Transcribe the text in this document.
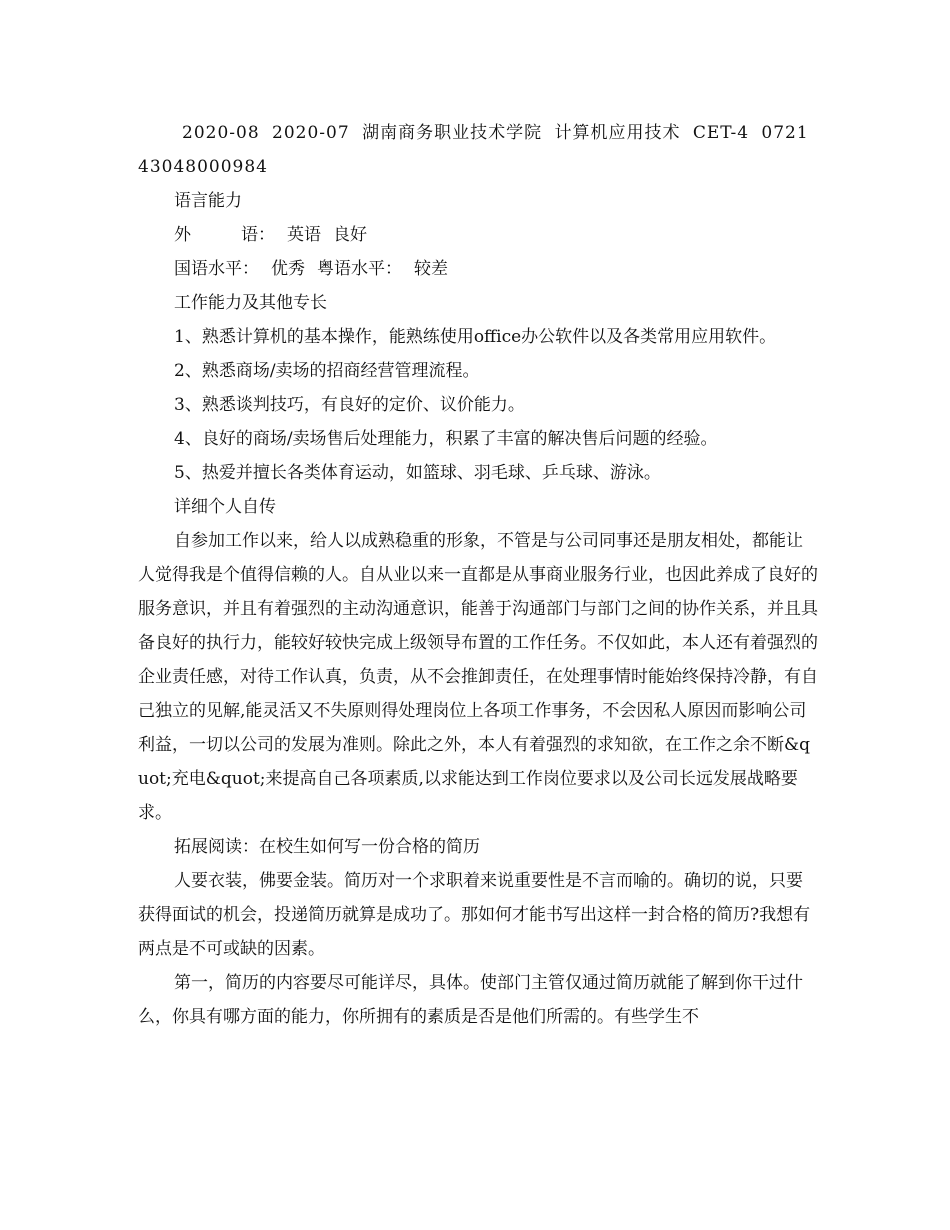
2020-08 2020-07 湖南商务职业技术学院 计算机应用技术 CET-4 072143048000984

语言能力

外	语： 英语 良好

国语水平： 优秀 粤语水平： 较差

工作能力及其他专长

1、熟悉计算机的基本操作，能熟练使用office办公软件以及各类常用应用软件。

2、熟悉商场/卖场的招商经营管理流程。

3、熟悉谈判技巧，有良好的定价、议价能力。

4、良好的商场/卖场售后处理能力，积累了丰富的解决售后问题的经验。

5、热爱并擅长各类体育运动，如篮球、羽毛球、乒乓球、游泳。

详细个人自传

自参加工作以来，给人以成熟稳重的形象，不管是与公司同事还是朋友相处，都能让人觉得我是个值得信赖的人。自从业以来一直都是从事商业服务行业，也因此养成了良好的服务意识，并且有着强烈的主动沟通意识，能善于沟通部门与部门之间的协作关系，并且具备良好的执行力，能较好较快完成上级领导布置的工作任务。不仅如此，本人还有着强烈的企业责任感，对待工作认真，负责，从不会推卸责任，在处理事情时能始终保持冷静，有自己独立的见解,能灵活又不失原则得处理岗位上各项工作事务，不会因私人原因而影响公司利益，一切以公司的发展为准则。除此之外，本人有着强烈的求知欲，在工作之余不断&quot;充电&quot;来提高自己各项素质,以求能达到工作岗位要求以及公司长远发展战略要求。

拓展阅读：在校生如何写一份合格的简历

人要衣装，佛要金装。简历对一个求职着来说重要性是不言而喻的。确切的说，只要获得面试的机会，投递简历就算是成功了。那如何才能书写出这样一封合格的简历?我想有两点是不可或缺的因素。

第一，简历的内容要尽可能详尽，具体。使部门主管仅通过简历就能了解到你干过什么，你具有哪方面的能力，你所拥有的素质是否是他们所需的。有些学生不
